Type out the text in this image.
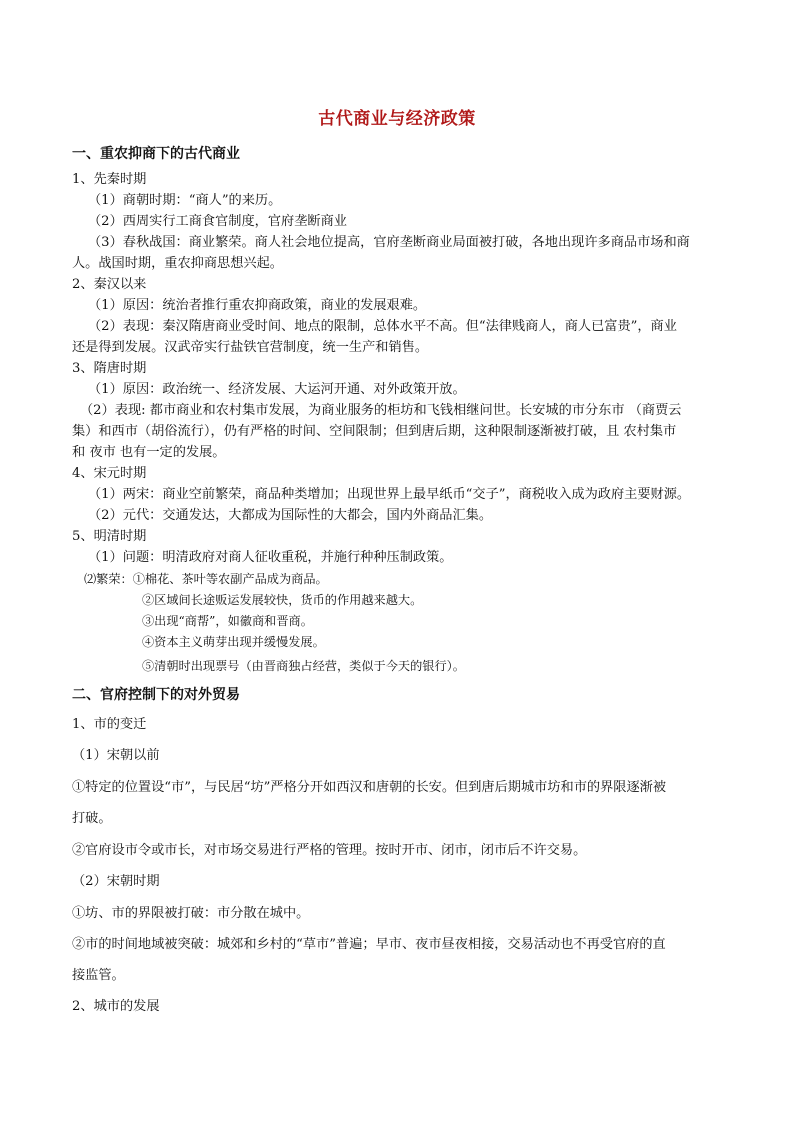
古代商业与经济政策
一、重农抑商下的古代商业
1、先秦时期
（1）商朝时期：“商人”的来历。
（2）西周实行工商食官制度，官府垄断商业
（3）春秋战国：商业繁荣。商人社会地位提高，官府垄断商业局面被打破，各地出现许多商品市场和商
人。战国时期，重农抑商思想兴起。
2、秦汉以来
（1）原因：统治者推行重农抑商政策，商业的发展艰难。
（2）表现：秦汉隋唐商业受时间、地点的限制，总体水平不高。但“法律贱商人，商人已富贵”，商业
还是得到发展。汉武帝实行盐铁官营制度，统一生产和销售。
3、隋唐时期
（1）原因：政治统一、经济发展、大运河开通、对外政策开放。
（2）表现: 都市商业和农村集市发展，为商业服务的柜坊和飞钱相继问世。长安城的市分东市 （商贾云
集）和西市（胡俗流行），仍有严格的时间、空间限制；但到唐后期，这种限制逐渐被打破，且 农村集市
和 夜市 也有一定的发展。
4、宋元时期
（1）两宋：商业空前繁荣，商品种类增加；出现世界上最早纸币“交子”，商税收入成为政府主要财源。
（2）元代：交通发达，大都成为国际性的大都会，国内外商品汇集。
5、明清时期
（1）问题：明清政府对商人征收重税，并施行种种压制政策。
⑵繁荣：①棉花、茶叶等农副产品成为商品。
②区域间长途贩运发展较快，货币的作用越来越大。
③出现“商帮”，如徽商和晋商。
④资本主义萌芽出现并缓慢发展。
⑤清朝时出现票号（由晋商独占经营，类似于今天的银行）。
二、官府控制下的对外贸易
1、市的变迁
（1）宋朝以前
①特定的位置设“市”，与民居“坊”严格分开如西汉和唐朝的长安。但到唐后期城市坊和市的界限逐渐被
打破。
②官府设市令或市长，对市场交易进行严格的管理。按时开市、闭市，闭市后不许交易。
（2）宋朝时期
①坊、市的界限被打破：市分散在城中。
②市的时间地域被突破：城郊和乡村的“草市”普遍；早市、夜市昼夜相接，交易活动也不再受官府的直
接监管。
2、城市的发展
